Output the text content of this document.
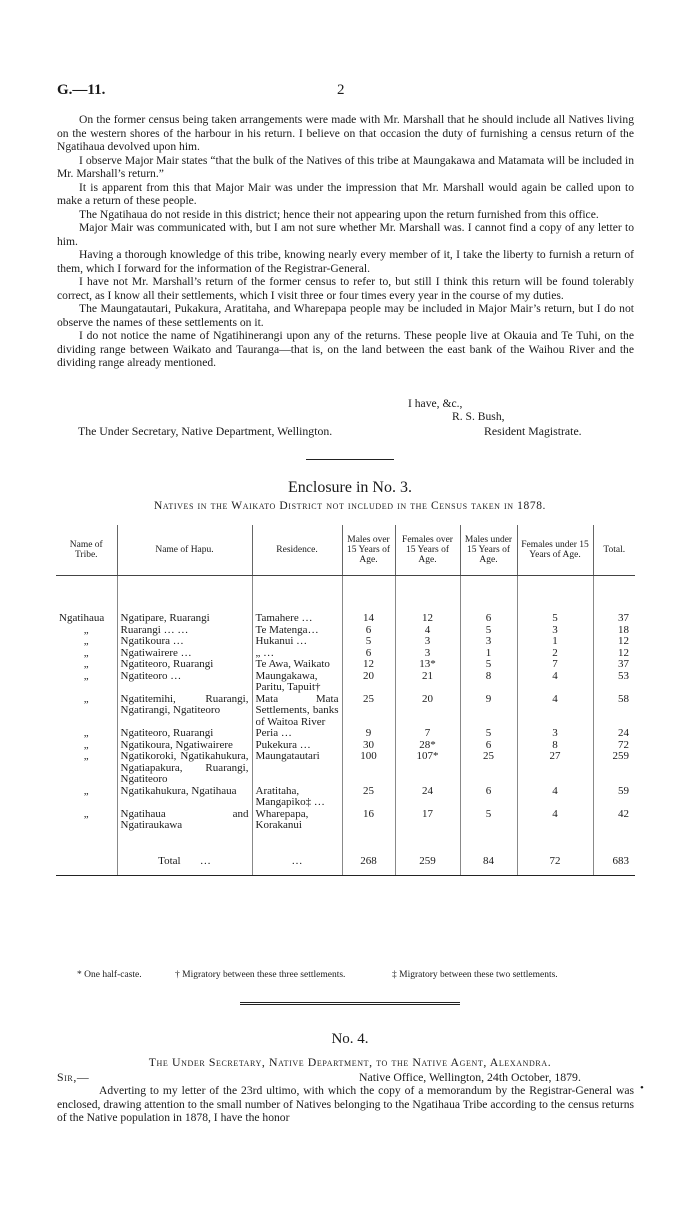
G.—11.	2

On the former census being taken arrangements were made with Mr. Marshall that he should include all Natives living on the western shores of the harbour in his return. I believe on that occasion the duty of furnishing a census return of the Ngatihaua devolved upon him.

I observe Major Mair states “that the bulk of the Natives of this tribe at Maungakawa and Matamata will be included in Mr. Marshall’s return.”

It is apparent from this that Major Mair was under the impression that Mr. Marshall would again be called upon to make a return of these people.

The Ngatihaua do not reside in this district; hence their not appearing upon the return furnished from this office.

Major Mair was communicated with, but I am not sure whether Mr. Marshall was. I cannot find a copy of any letter to him.

Having a thorough knowledge of this tribe, knowing nearly every member of it, I take the liberty to furnish a return of them, which I forward for the information of the Registrar-General.

I have not Mr. Marshall’s return of the former census to refer to, but still I think this return will be found tolerably correct, as I know all their settlements, which I visit three or four times every year in the course of my duties.

The Maungatautari, Pukakura, Aratitaha, and Wharepapa people may be included in Major Mair’s return, but I do not observe the names of these settlements on it.

I do not notice the name of Ngatihinerangi upon any of the returns. These people live at Okauia and Te Tuhi, on the dividing range between Waikato and Tauranga—that is, on the land between the east bank of the Waihou River and the dividing range already mentioned.

I have, &c.,
R. S. Bush,
The Under Secretary, Native Department, Wellington.	Resident Magistrate.
Enclosure in No. 3.
Natives in the Waikato District not included in the Census taken in 1878.
Name of Tribe.	Name of Hapu.	Residence.	Males over 15 Years of Age.	Females over 15 Years of Age.	Males under 15 Years of Age.	Females under 15 Years of Age.	Total.
Ngatihaua	Ngatipare, Ruarangi	Tamahere …	14	12	6	5	37
„	Ruarangi … …	Te Matenga…	6	4	5	3	18
„	Ngatikoura …	Hukanui …	5	3	3	1	12
„	Ngatiwairere …	„ …	6	3	1	2	12
„	Ngatiteoro, Ruarangi	Te Awa, Waikato	12	13*	5	7	37
„	Ngatiteoro …	Maungakawa, Paritu, Tapuit†	20	21	8	4	53
„	Ngatitemihi, Ruarangi, Ngatirangi, Ngatiteoro	Mata Mata Settlements, banks of Waitoa River	25	20	9	4	58
„	Ngatiteoro, Ruarangi	Peria …	9	7	5	3	24
„	Ngatikoura, Ngatiwairere	Pukekura …	30	28*	6	8	72
„	Ngatikoroki, Ngatikahukura, Ngatiapakura, Ruarangi, Ngatiteoro	Maungatautari	100	107*	25	27	259
„	Ngatikahukura, Ngatihaua	Aratitaha, Mangapiko‡ …	25	24	6	4	59
„	Ngatihaua and Ngatiraukawa	Wharepapa, Korakanui	16	17	5	4	42
	Total …	…	268	259	84	72	683
* One half-caste.	† Migratory between these three settlements.	‡ Migratory between these two settlements.
No. 4.
The Under Secretary, Native Department, to the Native Agent, Alexandra.
Sir,—	Native Office, Wellington, 24th October, 1879.
•

Adverting to my letter of the 23rd ultimo, with which the copy of a memorandum by the Registrar-General was enclosed, drawing attention to the small number of Natives belonging to the Ngatihaua Tribe according to the census returns of the Native population in 1878, I have the honor
